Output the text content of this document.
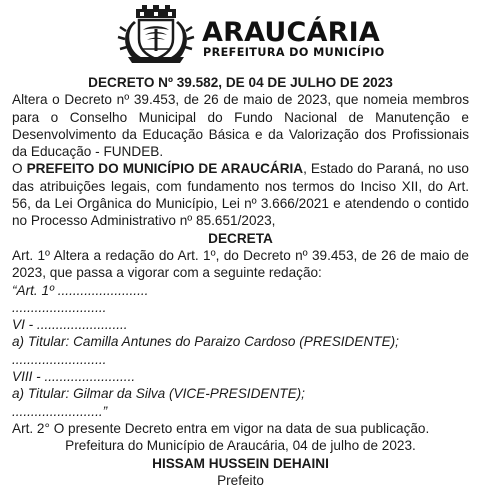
ARAUCÁRIA
PREFEITURA DO MUNICÍPIO

DECRETO Nº 39.582, DE 04 DE JULHO DE 2023

Altera o Decreto nº 39.453, de 26 de maio de 2023, que nomeia membros para o Conselho Municipal do Fundo Nacional de Manutenção e Desenvolvimento da Educação Básica e da Valorização dos Profissionais da Educação - FUNDEB.

O PREFEITO DO MUNICÍPIO DE ARAUCÁRIA, Estado do Paraná, no uso das atribuições legais, com fundamento nos termos do Inciso XII, do Art. 56, da Lei Orgânica do Município, Lei nº 3.666/2021 e atendendo o contido no Processo Administrativo nº 85.651/2023,

DECRETA

Art. 1º Altera a redação do Art. 1º, do Decreto nº 39.453, de 26 de maio de 2023, que passa a vigorar com a seguinte redação:

“Art. 1º ........................

.........................

VI - ........................

a) Titular: Camilla Antunes do Paraizo Cardoso (PRESIDENTE);

.........................

VIII - ........................

a) Titular: Gilmar da Silva (VICE-PRESIDENTE);

........................”

Art. 2° O presente Decreto entra em vigor na data de sua publicação.

Prefeitura do Município de Araucária, 04 de julho de 2023.

HISSAM HUSSEIN DEHAINI

Prefeito
